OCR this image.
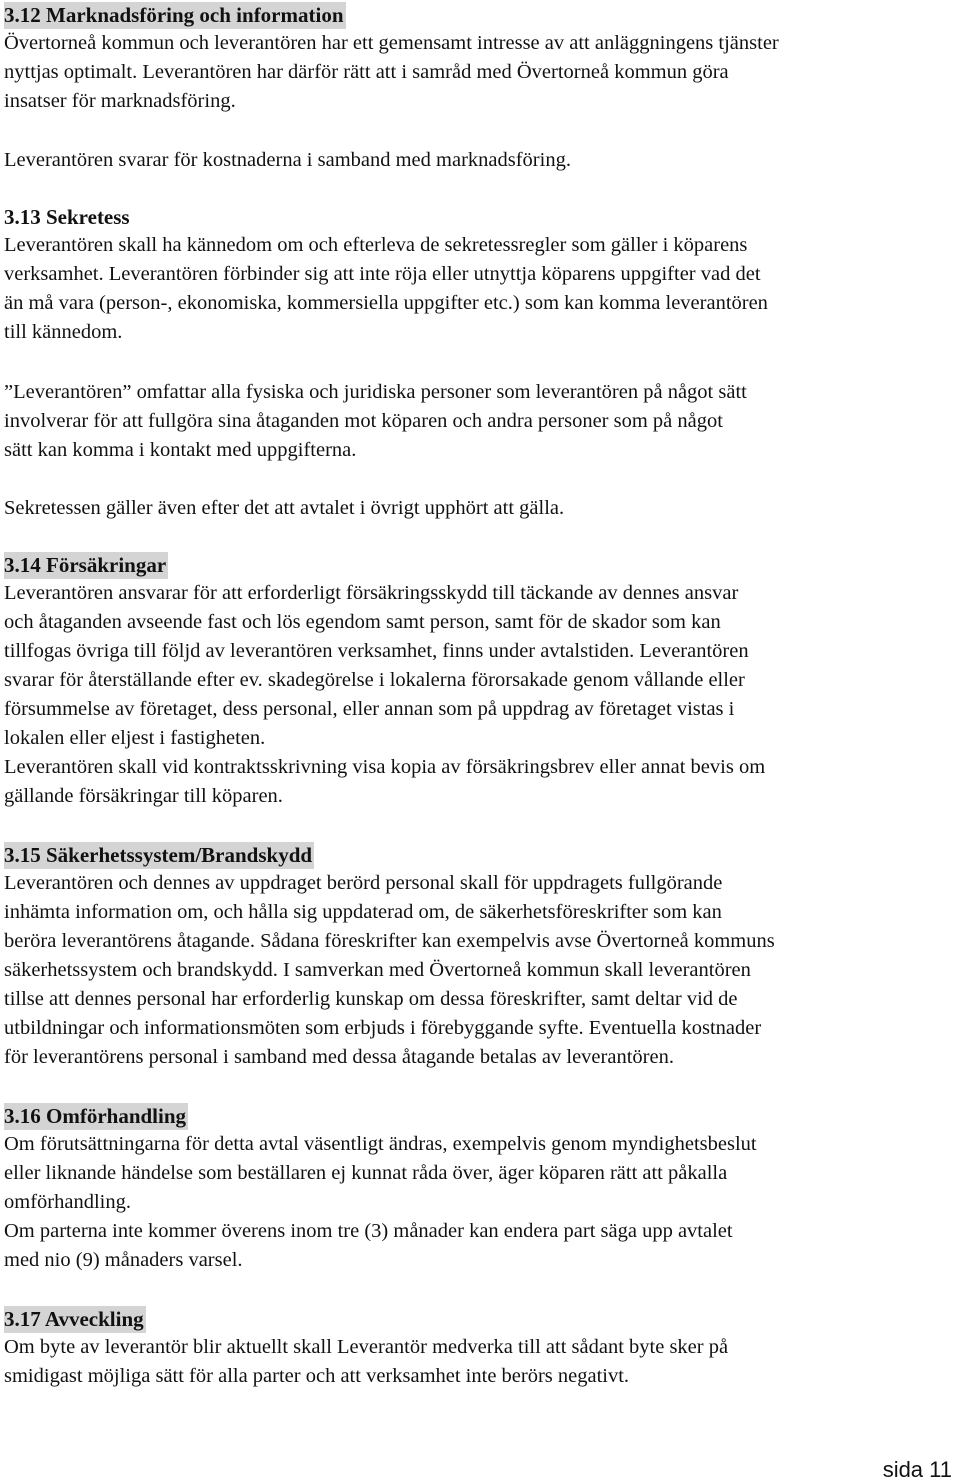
3.12 Marknadsföring och information

Övertorneå kommun och leverantören har ett gemensamt intresse av att anläggningens tjänster
nyttjas optimalt. Leverantören har därför rätt att i samråd med Övertorneå kommun göra
insatser för marknadsföring.

Leverantören svarar för kostnaderna i samband med marknadsföring.

3.13 Sekretess

Leverantören skall ha kännedom om och efterleva de sekretessregler som gäller i köparens
verksamhet. Leverantören förbinder sig att inte röja eller utnyttja köparens uppgifter vad det
än må vara (person-, ekonomiska, kommersiella uppgifter etc.) som kan komma leverantören
till kännedom.

”Leverantören” omfattar alla fysiska och juridiska personer som leverantören på något sätt
involverar för att fullgöra sina åtaganden mot köparen och andra personer som på något
sätt kan komma i kontakt med uppgifterna.

Sekretessen gäller även efter det att avtalet i övrigt upphört att gälla.

3.14 Försäkringar

Leverantören ansvarar för att erforderligt försäkringsskydd till täckande av dennes ansvar
och åtaganden avseende fast och lös egendom samt person, samt för de skador som kan
tillfogas övriga till följd av leverantören verksamhet, finns under avtalstiden. Leverantören
svarar för återställande efter ev. skadegörelse i lokalerna förorsakade genom vållande eller
försummelse av företaget, dess personal, eller annan som på uppdrag av företaget vistas i
lokalen eller eljest i fastigheten.
Leverantören skall vid kontraktsskrivning visa kopia av försäkringsbrev eller annat bevis om
gällande försäkringar till köparen.

3.15 Säkerhetssystem/Brandskydd

Leverantören och dennes av uppdraget berörd personal skall för uppdragets fullgörande
inhämta information om, och hålla sig uppdaterad om, de säkerhetsföreskrifter som kan
beröra leverantörens åtagande. Sådana föreskrifter kan exempelvis avse Övertorneå kommuns
säkerhetssystem och brandskydd. I samverkan med Övertorneå kommun skall leverantören
tillse att dennes personal har erforderlig kunskap om dessa föreskrifter, samt deltar vid de
utbildningar och informationsmöten som erbjuds i förebyggande syfte. Eventuella kostnader
för leverantörens personal i samband med dessa åtagande betalas av leverantören.

3.16 Omförhandling

Om förutsättningarna för detta avtal väsentligt ändras, exempelvis genom myndighetsbeslut
eller liknande händelse som beställaren ej kunnat råda över, äger köparen rätt att påkalla
omförhandling.
Om parterna inte kommer överens inom tre (3) månader kan endera part säga upp avtalet
med nio (9) månaders varsel.

3.17 Avveckling

Om byte av leverantör blir aktuellt skall Leverantör medverka till att sådant byte sker på
smidigast möjliga sätt för alla parter och att verksamhet inte berörs negativt.

sida 11
